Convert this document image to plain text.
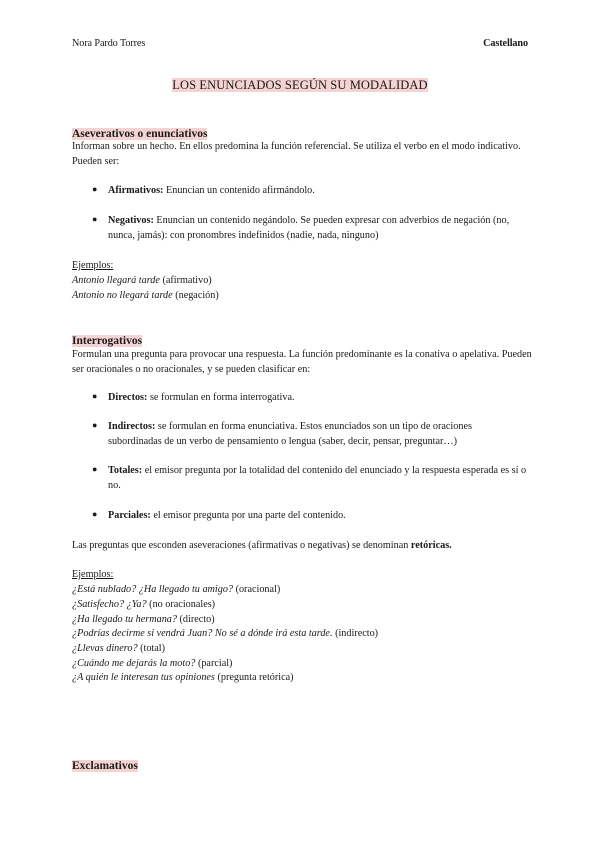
Nora Pardo Torres	Castellano
LOS ENUNCIADOS SEGÚN SU MODALIDAD
Aseverativos o enunciativos
Informan sobre un hecho. En ellos predomina la función referencial. Se utiliza el verbo en el modo indicativo. Pueden ser:
● Afirmativos: Enuncian un contenido afirmándolo.
● Negativos: Enuncian un contenido negándolo. Se pueden expresar con adverbios de negación (no, nunca, jamás): con pronombres indefinidos (nadie, nada, ninguno)
Ejemplos:
Antonio llegará tarde (afirmativo)
Antonio no llegará tarde (negación)
Interrogativos
Formulan una pregunta para provocar una respuesta. La función predominante es la conativa o apelativa. Pueden ser oracionales o no oracionales, y se pueden clasificar en:
● Directos: se formulan en forma interrogativa.
● Indirectos: se formulan en forma enunciativa. Estos enunciados son un tipo de oraciones subordinadas de un verbo de pensamiento o lengua (saber, decir, pensar, preguntar…)
● Totales: el emisor pregunta por la totalidad del contenido del enunciado y la respuesta esperada es sí o no.
● Parciales: el emisor pregunta por una parte del contenido.
Las preguntas que esconden aseveraciones (afirmativas o negativas) se denominan retóricas.
Ejemplos:
¿Está nublado? ¿Ha llegado tu amigo? (oracional)
¿Satisfecho? ¿Ya? (no oracionales)
¿Ha llegado tu hermana? (directo)
¿Podrías decirme si vendrá Juan? No sé a dónde irá esta tarde. (indirecto)
¿Llevas dinero? (total)
¿Cuándo me dejarás la moto? (parcial)
¿A quién le interesan tus opiniones (pregunta retórica)
Exclamativos
